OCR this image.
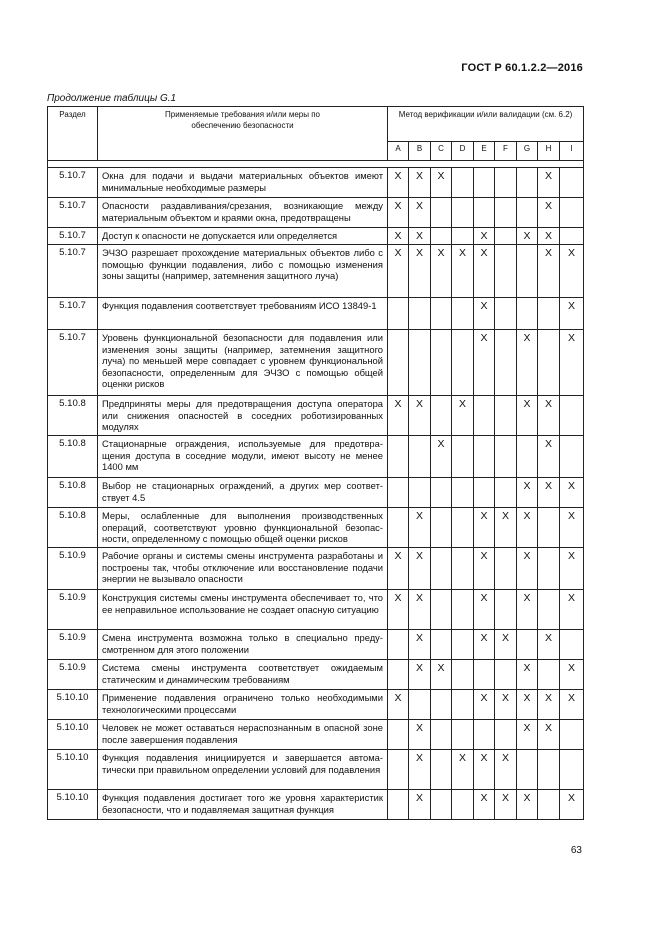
ГОСТ Р 60.1.2.2—2016
Продолжение таблицы G.1
Раздел	Применяемые требования и/или меры по обеспечению безопасности	Метод верификации и/или валидации (см. 6.2)								
		A	B	C	D	E	F	G	H	I

5.10.7	Окна для подачи и выдачи материальных объектов имеют минимальные необходимые размеры	X	X	X					X	
5.10.7	Опасности раздавливания/срезания, возникающие между материальным объектом и краями окна, предотвращены	X	X						X	
5.10.7	Доступ к опасности не допускается или определяется	X	X			X		X	X	
5.10.7	ЭЧЗО разрешает прохождение материальных объектов либо с помощью функции подавления, либо с помощью изменения зоны защиты (например, затемнения защитного луча)	X	X	X	X	X			X	X
5.10.7	Функция подавления соответствует требованиям ИСО 13849-1					X				X
5.10.7	Уровень функциональной безопасности для подавления или изменения зоны защиты (например, затемнения защитного луча) по меньшей мере совпадает с уровнем функциональной безопасности, определенным для ЭЧЗО с помощью общей оценки рисков					X		X		X
5.10.8	Предприняты меры для предотвращения доступа оператора или снижения опасностей в соседних роботизированных модулях	X	X		X			X	X	
5.10.8	Стационарные ограждения, используемые для предотвращения доступа в соседние модули, имеют высоту не менее 1400 мм			X					X	
5.10.8	Выбор не стационарных ограждений, а других мер соответствует 4.5							X	X	X
5.10.8	Меры, ослабленные для выполнения производственных операций, соответствуют уровню функциональной безопасности, определенному с помощью общей оценки рисков		X			X	X	X		X
5.10.9	Рабочие органы и системы смены инструмента разработаны и построены так, чтобы отключение или восстановление подачи энергии не вызывало опасности	X	X			X		X		X
5.10.9	Конструкция системы смены инструмента обеспечивает то, что ее неправильное использование не создает опасную ситуацию	X	X			X		X		X
5.10.9	Смена инструмента возможна только в специально предусмотренном для этого положении		X			X	X		X	
5.10.9	Система смены инструмента соответствует ожидаемым статическим и динамическим требованиям		X	X				X		X
5.10.10	Применение подавления ограничено только необходимыми технологическими процессами	X				X	X	X	X	X
5.10.10	Человек не может оставаться нераспознанным в опасной зоне после завершения подавления		X					X	X	
5.10.10	Функция подавления инициируется и завершается автоматически при правильном определении условий для подавления		X		X	X	X			
5.10.10	Функция подавления достигает того же уровня характеристик безопасности, что и подавляемая защитная функция		X			X	X	X		X
63
